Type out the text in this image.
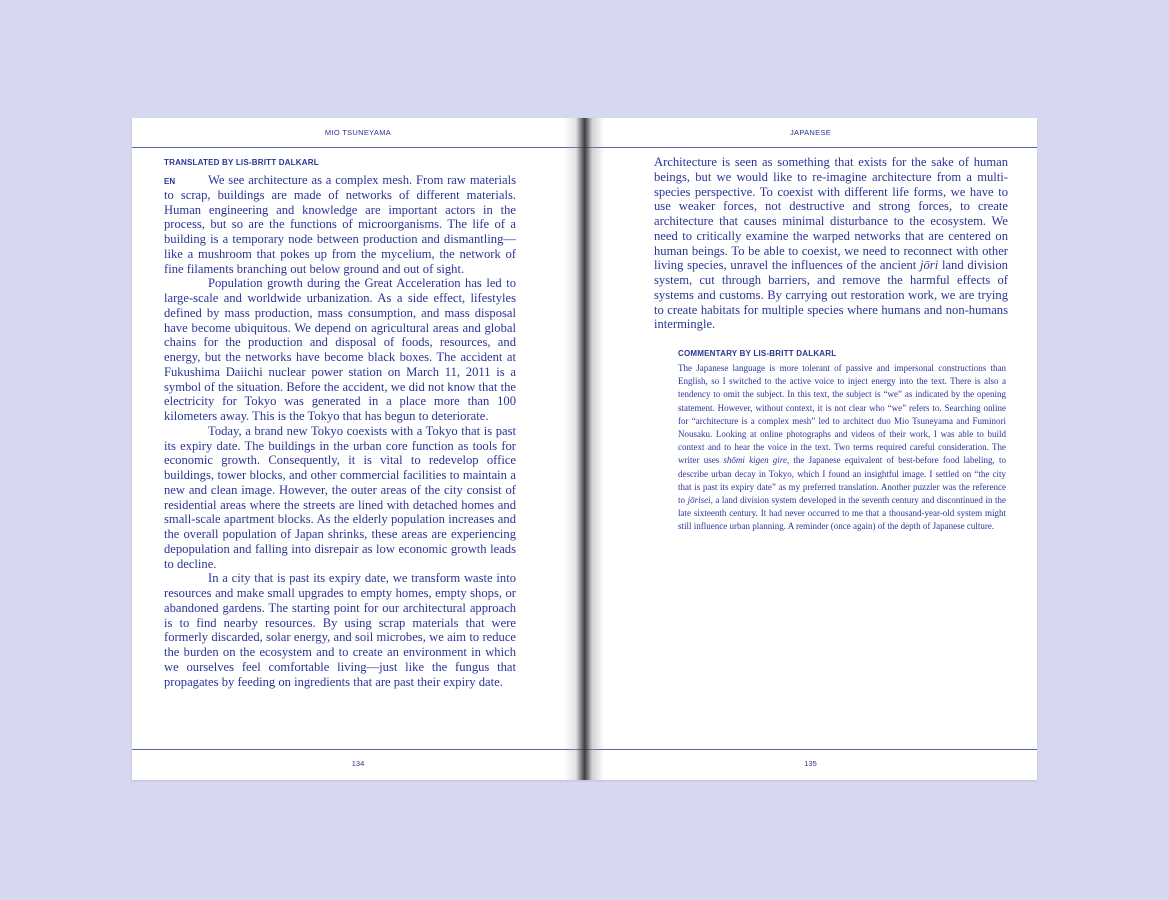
MIO TSUNEYAMA
TRANSLATED BY LIS-BRITT DALKARL

EN	We see architecture as a complex mesh. From raw materials to scrap, buildings are made of networks of different materials. Human engineering and knowledge are important actors in the process, but so are the functions of microorganisms. The life of a building is a temporary node between production and dismantling—like a mushroom that pokes up from the mycelium, the network of fine filaments branching out below ground and out of sight.

Population growth during the Great Acceleration has led to large-scale and worldwide urbanization. As a side effect, lifestyles defined by mass production, mass consumption, and mass disposal have become ubiquitous. We depend on agricultural areas and global chains for the production and disposal of foods, resources, and energy, but the networks have become black boxes. The accident at Fukushima Daiichi nuclear power station on March 11, 2011 is a symbol of the situation. Before the accident, we did not know that the electricity for Tokyo was generated in a place more than 100 kilometers away. This is the Tokyo that has begun to deteriorate.

Today, a brand new Tokyo coexists with a Tokyo that is past its expiry date. The buildings in the urban core function as tools for economic growth. Consequently, it is vital to redevelop office buildings, tower blocks, and other commercial facilities to maintain a new and clean image. However, the outer areas of the city consist of residential areas where the streets are lined with detached homes and small-scale apartment blocks. As the elderly population increases and the overall population of Japan shrinks, these areas are experiencing depopulation and falling into disrepair as low economic growth leads to decline.

In a city that is past its expiry date, we transform waste into resources and make small upgrades to empty homes, empty shops, or abandoned gardens. The starting point for our architectural approach is to find nearby resources. By using scrap materials that were formerly discarded, solar energy, and soil microbes, we aim to reduce the burden on the ecosystem and to create an environment in which we ourselves feel comfortable living—just like the fungus that propagates by feeding on ingredients that are past their expiry date.

134
JAPANESE

Architecture is seen as something that exists for the sake of human beings, but we would like to re-imagine architecture from a multi-species perspective. To coexist with different life forms, we have to use weaker forces, not destructive and strong forces, to create architecture that causes minimal disturbance to the ecosystem. We need to critically examine the warped networks that are centered on human beings. To be able to coexist, we need to reconnect with other living species, unravel the influences of the ancient jōri land division system, cut through barriers, and remove the harmful effects of systems and customs. By carrying out restoration work, we are trying to create habitats for multiple species where humans and non-humans intermingle.

COMMENTARY BY LIS-BRITT DALKARL

The Japanese language is more tolerant of passive and impersonal constructions than English, so I switched to the active voice to inject energy into the text. There is also a tendency to omit the subject. In this text, the subject is “we” as indicated by the opening statement. However, without context, it is not clear who “we” refers to. Searching online for “architecture is a complex mesh” led to architect duo Mio Tsuneyama and Fuminori Nousaku. Looking at online photographs and videos of their work, I was able to build context and to hear the voice in the text. Two terms required careful consideration. The writer uses shōmi kigen gire, the Japanese equivalent of best-before food labeling, to describe urban decay in Tokyo, which I found an insightful image. I settled on “the city that is past its expiry date” as my preferred translation. Another puzzler was the reference to jōrisei, a land division system developed in the seventh century and discontinued in the late sixteenth century. It had never occurred to me that a thousand-year-old system might still influence urban planning. A reminder (once again) of the depth of Japanese culture.

135
